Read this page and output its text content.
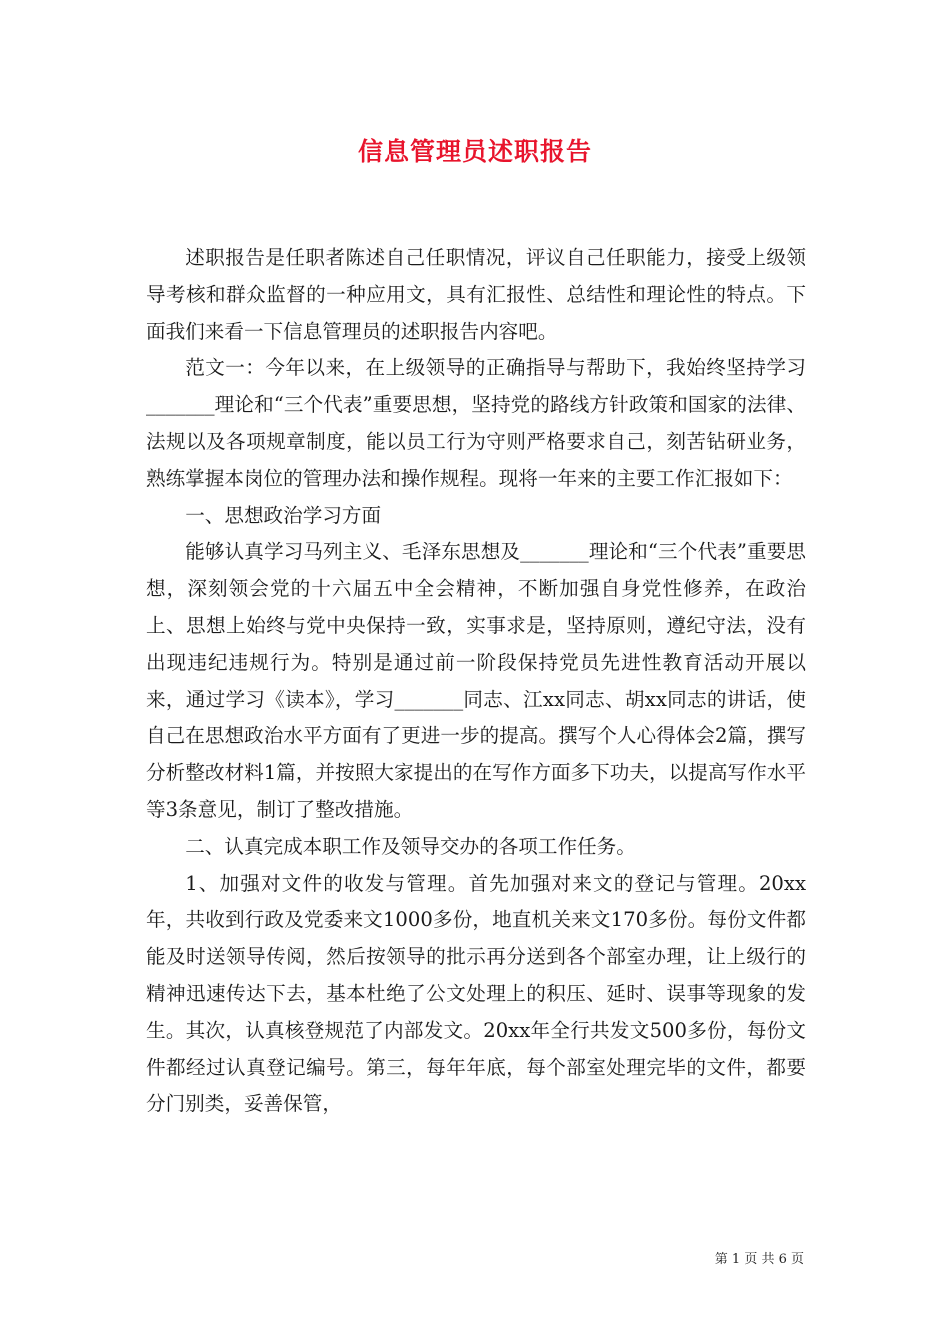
信息管理员述职报告

述职报告是任职者陈述自己任职情况，评议自己任职能力，接受上级领导考核和群众监督的一种应用文，具有汇报性、总结性和理论性的特点。下面我们来看一下信息管理员的述职报告内容吧。

范文一：今年以来，在上级领导的正确指导与帮助下，我始终坚持学习_______理论和“三个代表”重要思想，坚持党的路线方针政策和国家的法律、法规以及各项规章制度，能以员工行为守则严格要求自己，刻苦钻研业务，熟练掌握本岗位的管理办法和操作规程。现将一年来的主要工作汇报如下：

一、思想政治学习方面

能够认真学习马列主义、毛泽东思想及_______理论和“三个代表”重要思想，深刻领会党的十六届五中全会精神，不断加强自身党性修养，在政治上、思想上始终与党中央保持一致，实事求是，坚持原则，遵纪守法，没有出现违纪违规行为。特别是通过前一阶段保持党员先进性教育活动开展以来，通过学习《读本》，学习_______同志、江xx同志、胡xx同志的讲话，使自己在思想政治水平方面有了更进一步的提高。撰写个人心得体会2篇，撰写分析整改材料1篇，并按照大家提出的在写作方面多下功夫，以提高写作水平等3条意见，制订了整改措施。

二、认真完成本职工作及领导交办的各项工作任务。

1、加强对文件的收发与管理。首先加强对来文的登记与管理。20xx年，共收到行政及党委来文1000多份，地直机关来文170多份。每份文件都能及时送领导传阅，然后按领导的批示再分送到各个部室办理，让上级行的精神迅速传达下去，基本杜绝了公文处理上的积压、延时、误事等现象的发生。其次，认真核登规范了内部发文。20xx年全行共发文500多份，每份文件都经过认真登记编号。第三，每年年底，每个部室处理完毕的文件，都要分门别类，妥善保管，

第 1 页 共 6 页
